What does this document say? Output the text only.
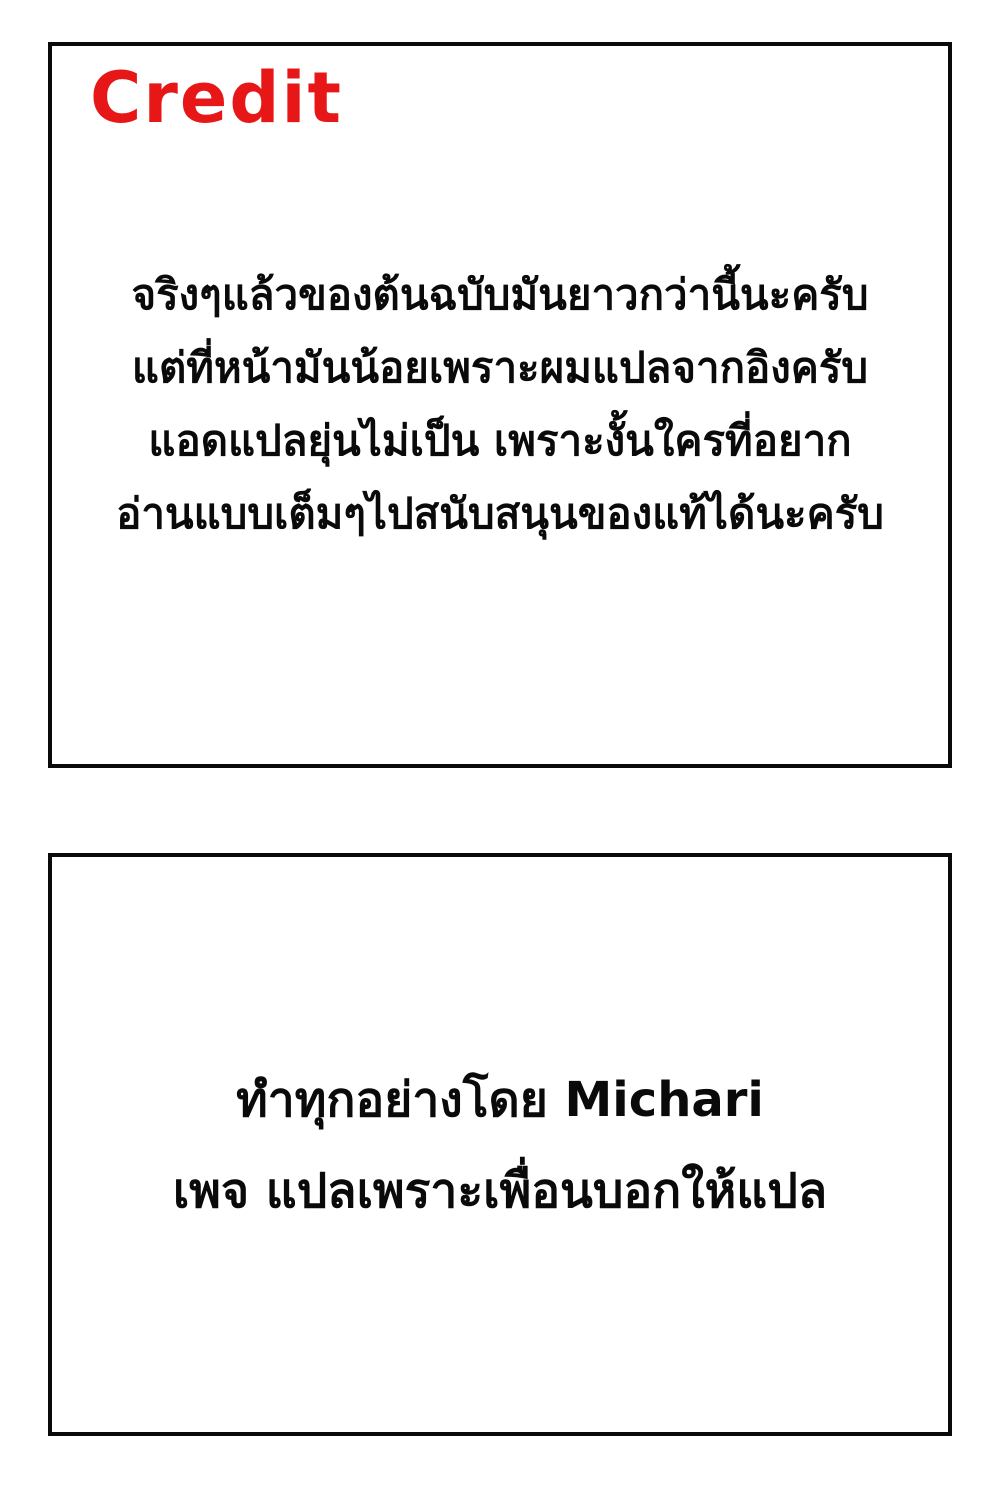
Credit

จริงๆแล้วของต้นฉบับมันยาวกว่านี้นะครับ

แต่ที่หน้ามันน้อยเพราะผมแปลจากอิงครับ

แอดแปลยุ่นไม่เป็น เพราะงั้นใครที่อยาก

อ่านแบบเต็มๆไปสนับสนุนของแท้ได้นะครับ

ทำทุกอย่างโดย Michari

เพจ แปลเพราะเพื่อนบอกให้แปล
